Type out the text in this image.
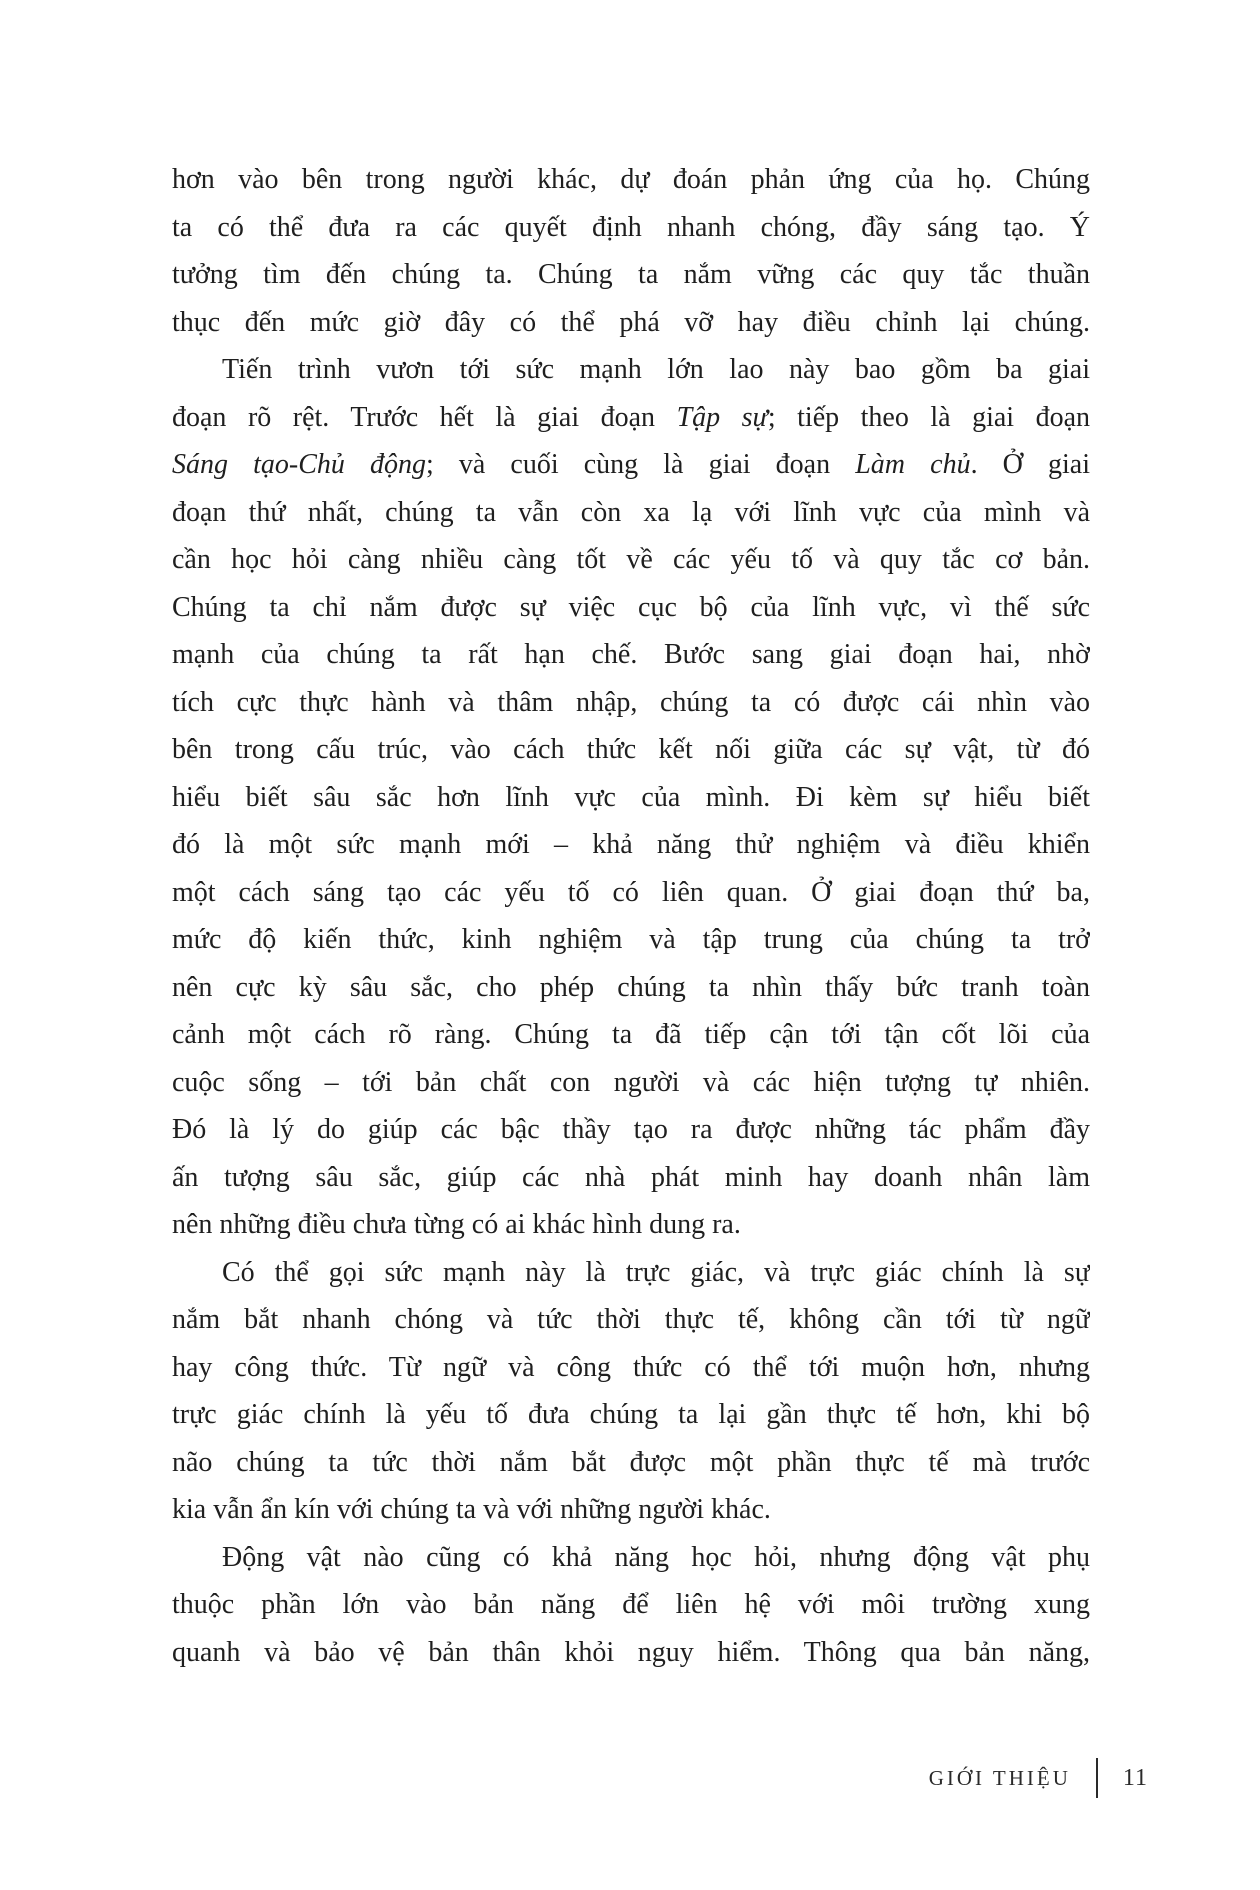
hơn vào bên trong người khác, dự đoán phản ứng của họ. Chúng
ta có thể đưa ra các quyết định nhanh chóng, đầy sáng tạo. Ý
tưởng tìm đến chúng ta. Chúng ta nắm vững các quy tắc thuần
thục đến mức giờ đây có thể phá vỡ hay điều chỉnh lại chúng.
Tiến trình vươn tới sức mạnh lớn lao này bao gồm ba giai
đoạn rõ rệt. Trước hết là giai đoạn Tập sự; tiếp theo là giai đoạn
Sáng tạo-Chủ động; và cuối cùng là giai đoạn Làm chủ. Ở giai
đoạn thứ nhất, chúng ta vẫn còn xa lạ với lĩnh vực của mình và
cần học hỏi càng nhiều càng tốt về các yếu tố và quy tắc cơ bản.
Chúng ta chỉ nắm được sự việc cục bộ của lĩnh vực, vì thế sức
mạnh của chúng ta rất hạn chế. Bước sang giai đoạn hai, nhờ
tích cực thực hành và thâm nhập, chúng ta có được cái nhìn vào
bên trong cấu trúc, vào cách thức kết nối giữa các sự vật, từ đó
hiểu biết sâu sắc hơn lĩnh vực của mình. Đi kèm sự hiểu biết
đó là một sức mạnh mới – khả năng thử nghiệm và điều khiển
một cách sáng tạo các yếu tố có liên quan. Ở giai đoạn thứ ba,
mức độ kiến thức, kinh nghiệm và tập trung của chúng ta trở
nên cực kỳ sâu sắc, cho phép chúng ta nhìn thấy bức tranh toàn
cảnh một cách rõ ràng. Chúng ta đã tiếp cận tới tận cốt lõi của
cuộc sống – tới bản chất con người và các hiện tượng tự nhiên.
Đó là lý do giúp các bậc thầy tạo ra được những tác phẩm đầy
ấn tượng sâu sắc, giúp các nhà phát minh hay doanh nhân làm
nên những điều chưa từng có ai khác hình dung ra.
Có thể gọi sức mạnh này là trực giác, và trực giác chính là sự
nắm bắt nhanh chóng và tức thời thực tế, không cần tới từ ngữ
hay công thức. Từ ngữ và công thức có thể tới muộn hơn, nhưng
trực giác chính là yếu tố đưa chúng ta lại gần thực tế hơn, khi bộ
não chúng ta tức thời nắm bắt được một phần thực tế mà trước
kia vẫn ẩn kín với chúng ta và với những người khác.
Động vật nào cũng có khả năng học hỏi, nhưng động vật phụ
thuộc phần lớn vào bản năng để liên hệ với môi trường xung
quanh và bảo vệ bản thân khỏi nguy hiểm. Thông qua bản năng,
GIỚI THIỆU 11
